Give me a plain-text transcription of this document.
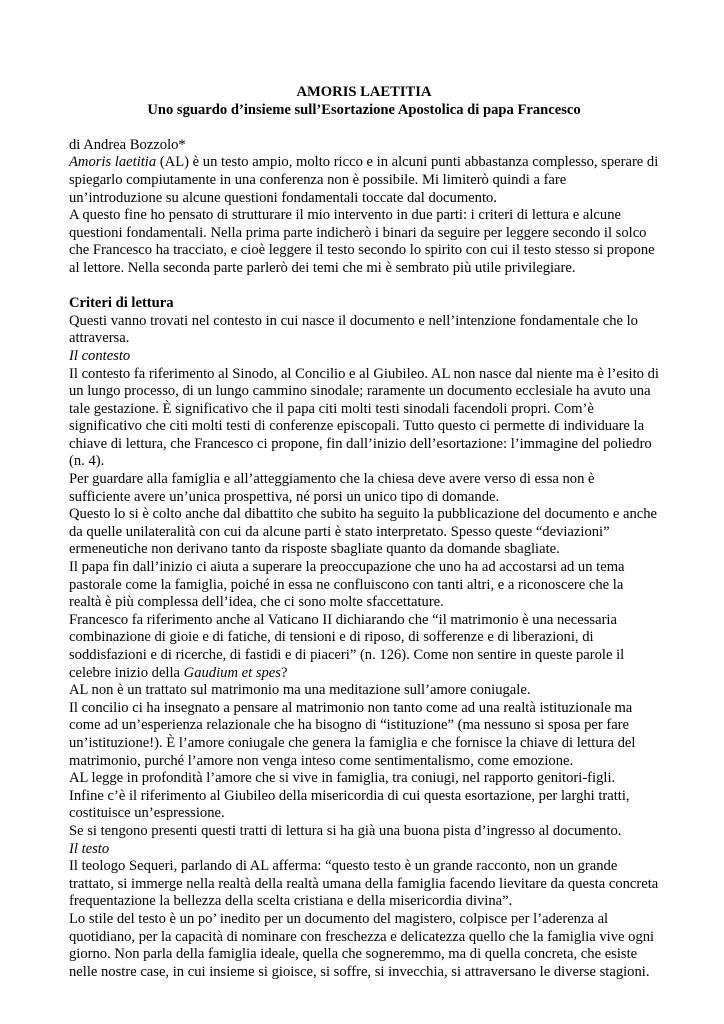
AMORIS LAETITIA

Uno sguardo d’insieme sull’Esortazione Apostolica di papa Francesco

di Andrea Bozzolo*

Amoris laetitia (AL) è un testo ampio, molto ricco e in alcuni punti abbastanza complesso, sperare di spiegarlo compiutamente in una conferenza non è possibile. Mi limiterò quindi a fare un’introduzione su alcune questioni fondamentali toccate dal documento.

A questo fine ho pensato di strutturare il mio intervento in due parti: i criteri di lettura e alcune questioni fondamentali. Nella prima parte indicherò i binari da seguire per leggere secondo il solco che Francesco ha tracciato, e cioè leggere il testo secondo lo spirito con cui il testo stesso si propone al lettore. Nella seconda parte parlerò dei temi che mi è sembrato più utile privilegiare.

Criteri di lettura

Questi vanno trovati nel contesto in cui nasce il documento e nell’intenzione fondamentale che lo attraversa.

Il contesto

Il contesto fa riferimento al Sinodo, al Concilio e al Giubileo. AL non nasce dal niente ma è l’esito di un lungo processo, di un lungo cammino sinodale; raramente un documento ecclesiale ha avuto una tale gestazione. È significativo che il papa citi molti testi sinodali facendoli propri. Com’è significativo che citi molti testi di conferenze episcopali. Tutto questo ci permette di individuare la chiave di lettura, che Francesco ci propone, fin dall’inizio dell’esortazione: l’immagine del poliedro (n. 4).

Per guardare alla famiglia e all’atteggiamento che la chiesa deve avere verso di essa non è sufficiente avere un’unica prospettiva, né porsi un unico tipo di domande.

Questo lo si è colto anche dal dibattito che subito ha seguito la pubblicazione del documento e anche da quelle unilateralità con cui da alcune parti è stato interpretato. Spesso queste “deviazioni” ermeneutiche non derivano tanto da risposte sbagliate quanto da domande sbagliate.

Il papa fin dall’inizio ci aiuta a superare la preoccupazione che uno ha ad accostarsi ad un tema pastorale come la famiglia, poiché in essa ne confluiscono con tanti altri, e a riconoscere che la realtà è più complessa dell’idea, che ci sono molte sfaccettature.

Francesco fa riferimento anche al Vaticano II dichiarando che “il matrimonio è una necessaria combinazione di gioie e di fatiche, di tensioni e di riposo, di sofferenze e di liberazioni, di soddisfazioni e di ricerche, di fastidi e di piaceri” (n. 126). Come non sentire in queste parole il celebre inizio della Gaudium et spes?

AL non è un trattato sul matrimonio ma una meditazione sull’amore coniugale.

Il concilio ci ha insegnato a pensare al matrimonio non tanto come ad una realtà istituzionale ma come ad un’esperienza relazionale che ha bisogno di “istituzione” (ma nessuno si sposa per fare un’istituzione!). È l’amore coniugale che genera la famiglia e che fornisce la chiave di lettura del matrimonio, purché l’amore non venga inteso come sentimentalismo, come emozione.

AL legge in profondità l’amore che si vive in famiglia, tra coniugi, nel rapporto genitori-figli.

Infine c’è il riferimento al Giubileo della misericordia di cui questa esortazione, per larghi tratti, costituisce un’espressione.

Se si tengono presenti questi tratti di lettura si ha già una buona pista d’ingresso al documento.

Il testo

Il teologo Sequeri, parlando di AL afferma: “questo testo è un grande racconto, non un grande trattato, si immerge nella realtà della realtà umana della famiglia facendo lievitare da questa concreta frequentazione la bellezza della scelta cristiana e della misericordia divina”.

Lo stile del testo è un po’ inedito per un documento del magistero, colpisce per l’aderenza al quotidiano, per la capacità di nominare con freschezza e delicatezza quello che la famiglia vive ogni giorno. Non parla della famiglia ideale, quella che sogneremmo, ma di quella concreta, che esiste nelle nostre case, in cui insieme si gioisce, si soffre, si invecchia, si attraversano le diverse stagioni.
